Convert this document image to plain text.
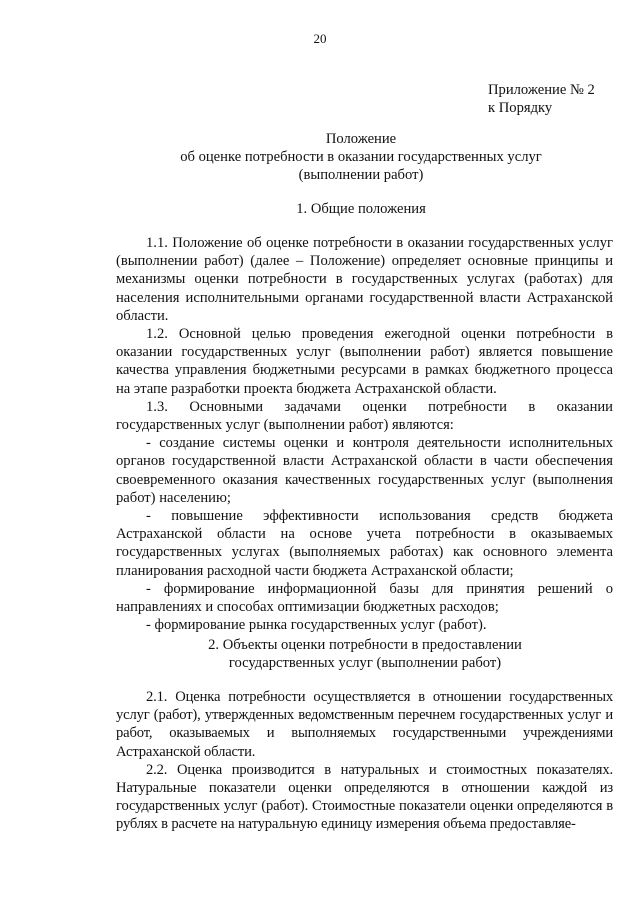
20
Приложение № 2
к Порядку
Положение
об оценке потребности в оказании государственных услуг
(выполнении работ)
1. Общие положения

1.1. Положение об оценке потребности в оказании государственных услуг (выполнении работ) (далее – Положение) определяет основные принципы и механизмы оценки потребности в государственных услугах (работах) для населения исполнительными органами государственной власти Астраханской области.

1.2. Основной целью проведения ежегодной оценки потребности в оказании государственных услуг (выполнении работ) является повышение качества управления бюджетными ресурсами в рамках бюджетного процесса на этапе разработки проекта бюджета Астраханской области.

1.3. Основными задачами оценки потребности в оказании государственных услуг (выполнении работ) являются:

- создание системы оценки и контроля деятельности исполнительных органов государственной власти Астраханской области в части обеспечения своевременного оказания качественных государственных услуг (выполнения работ) населению;

- повышение эффективности использования средств бюджета Астраханской области на основе учета потребности в оказываемых государственных услугах (выполняемых работах) как основного элемента планирования расходной части бюджета Астраханской области;

- формирование информационной базы для принятия решений о направлениях и способах оптимизации бюджетных расходов;

- формирование рынка государственных услуг (работ).

2. Объекты оценки потребности в предоставлении
государственных услуг (выполнении работ)

2.1. Оценка потребности осуществляется в отношении государственных услуг (работ), утвержденных ведомственным перечнем государственных услуг и работ, оказываемых и выполняемых государственными учреждениями Астраханской области.

2.2. Оценка производится в натуральных и стоимостных показателях. Натуральные показатели оценки определяются в отношении каждой из государственных услуг (работ). Стоимостные показатели оценки определяются в рублях в расчете на натуральную единицу измерения объема предоставляе-
